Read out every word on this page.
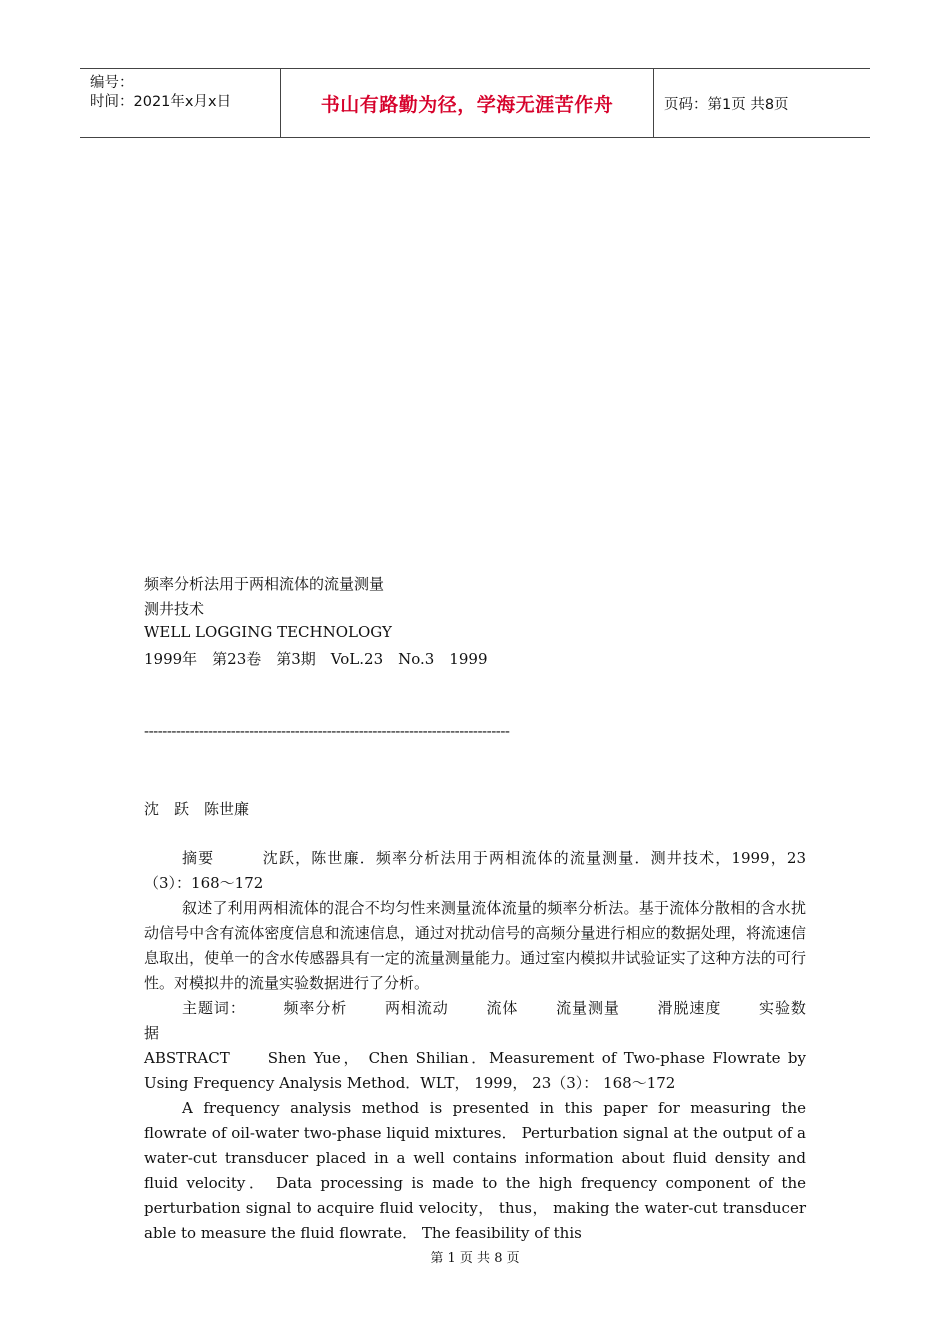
编号：
时间：2021年x月x日	书山有路勤为径，学海无涯苦作舟	页码：第1页 共8页
频率分析法用于两相流体的流量测量
测井技术
WELL LOGGING TECHNOLOGY
1999年　第23卷　第3期　VoL.23　No.3　1999
--------------------------------------------------------------------------------
沈　跃　陈世廉
摘要　　　沈跃，陈世廉．频率分析法用于两相流体的流量测量．测井技术，1999，23（3）：168～172
叙述了利用两相流体的混合不均匀性来测量流体流量的频率分析法。基于流体分散相的含水扰动信号中含有流体密度信息和流速信息，通过对扰动信号的高频分量进行相应的数据处理，将流速信息取出，使单一的含水传感器具有一定的流量测量能力。通过室内模拟井试验证实了这种方法的可行性。对模拟井的流量实验数据进行了分析。
主题词：	频率分析	两相流动	流体	流量测量	滑脱速度	实验数据
ABSTRACT　　Shen Yue， Chen Shilian．Measurement of Two-phase Flowrate by Using Frequency Analysis Method．WLT， 1999， 23（3）： 168～172
A frequency analysis method is presented in this paper for measuring the flowrate of oil-water two-phase liquid mixtures． Perturbation signal at the output of a water-cut transducer placed in a well contains information about fluid density and fluid velocity． Data processing is made to the high frequency component of the perturbation signal to acquire fluid velocity， thus， making the water-cut transducer able to measure the fluid flowrate． The feasibility of this
第 1 页 共 8 页
